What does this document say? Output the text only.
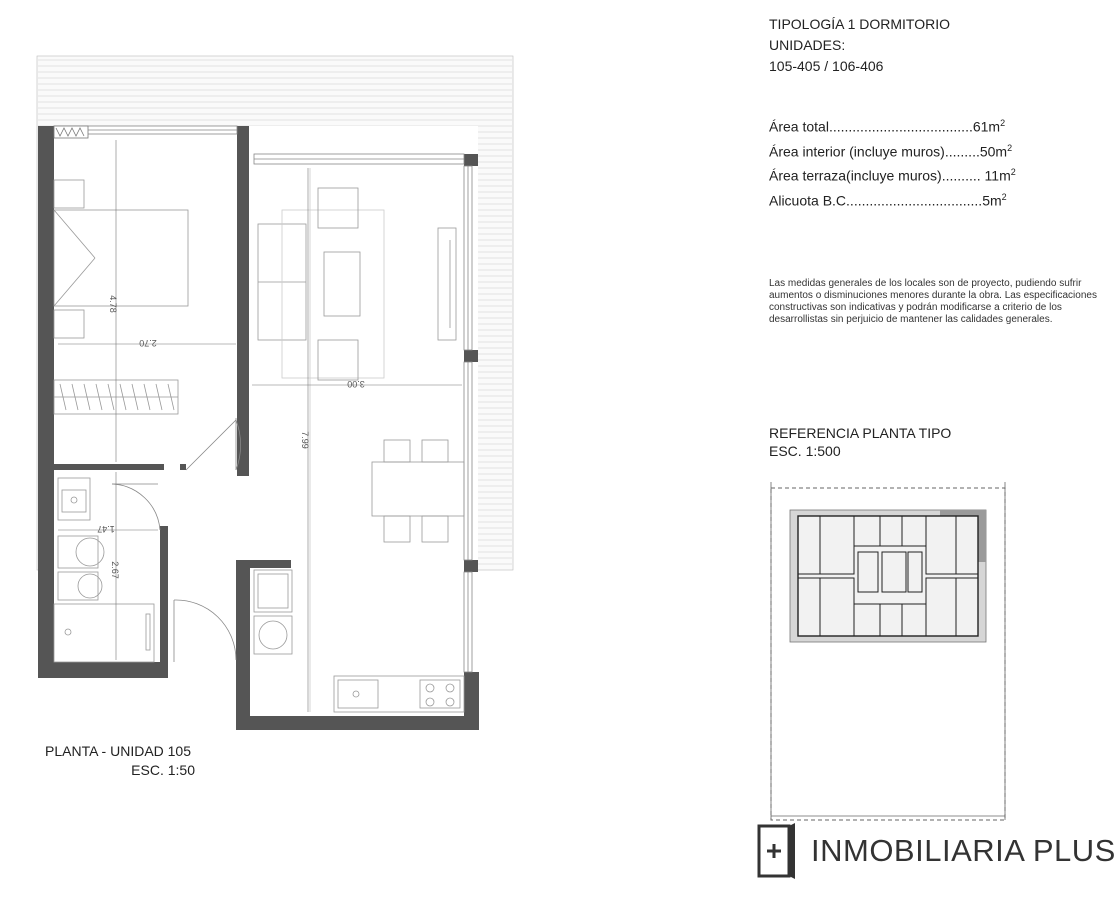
4.78
2.70
3.00
7.99
1.47
2.67
PLANTA - UNIDAD 105
ESC. 1:50
TIPOLOGÍA 1 DORMITORIO
UNIDADES:
105-405 / 106-406
Área $total.....................................61m^2$
Área interior (incluye $muros).........50m^2$
Área terraza(incluye muros).......... $11m^2$
Alicuota $B.C...................................5m^2$
Las medidas generales de los locales son de proyecto, pudiendo sufrir aumentos o disminuciones menores durante la obra. Las especificaciones constructivas son indicativas y podrán modificarse a criterio de los desarrollistas sin perjuicio de mantener las calidades generales.
REFERENCIA PLANTA TIPO
ESC. 1:500
INMOBILIARIA PLUS
